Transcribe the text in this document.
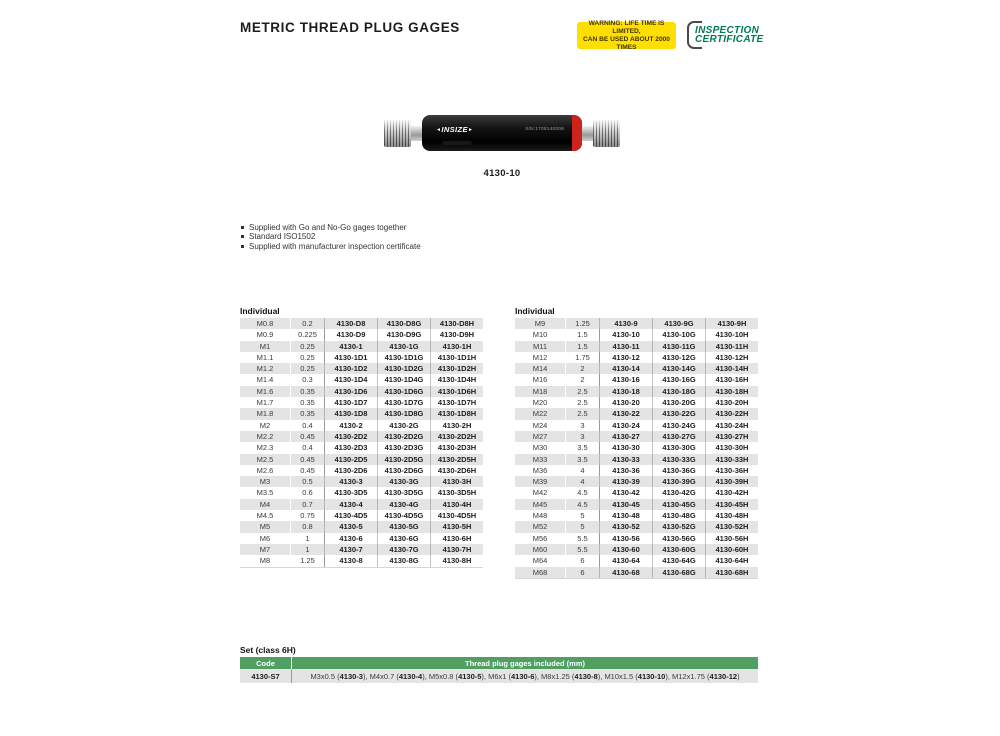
METRIC THREAD PLUG GAGES	WARNING: LIFE TIME IS LIMITED,
CAN BE USED ABOUT 2000 TIMES
INSPECTION
CERTIFICATE
◄INSIZE►	S/N:1708140008
4130-10
Supplied with Go and No-Go gages together
Standard ISO1502
Supplied with manufacturer inspection certificate
Individual
M0.8	0.2	4130-D8	4130-D8G	4130-D8H
M0.9	0.225	4130-D9	4130-D9G	4130-D9H
M1	0.25	4130-1	4130-1G	4130-1H
M1.1	0.25	4130-1D1	4130-1D1G	4130-1D1H
M1.2	0.25	4130-1D2	4130-1D2G	4130-1D2H
M1.4	0.3	4130-1D4	4130-1D4G	4130-1D4H
M1.6	0.35	4130-1D6	4130-1D6G	4130-1D6H
M1.7	0.35	4130-1D7	4130-1D7G	4130-1D7H
M1.8	0.35	4130-1D8	4130-1D8G	4130-1D8H
M2	0.4	4130-2	4130-2G	4130-2H
M2.2	0.45	4130-2D2	4130-2D2G	4130-2D2H
M2.3	0.4	4130-2D3	4130-2D3G	4130-2D3H
M2.5	0.45	4130-2D5	4130-2D5G	4130-2D5H
M2.6	0.45	4130-2D6	4130-2D6G	4130-2D6H
M3	0.5	4130-3	4130-3G	4130-3H
M3.5	0.6	4130-3D5	4130-3D5G	4130-3D5H
M4	0.7	4130-4	4130-4G	4130-4H
M4.5	0.75	4130-4D5	4130-4D5G	4130-4D5H
M5	0.8	4130-5	4130-5G	4130-5H
M6	1	4130-6	4130-6G	4130-6H
M7	1	4130-7	4130-7G	4130-7H
M8	1.25	4130-8	4130-8G	4130-8H
Individual
M9	1.25	4130-9	4130-9G	4130-9H
M10	1.5	4130-10	4130-10G	4130-10H
M11	1.5	4130-11	4130-11G	4130-11H
M12	1.75	4130-12	4130-12G	4130-12H
M14	2	4130-14	4130-14G	4130-14H
M16	2	4130-16	4130-16G	4130-16H
M18	2.5	4130-18	4130-18G	4130-18H
M20	2.5	4130-20	4130-20G	4130-20H
M22	2.5	4130-22	4130-22G	4130-22H
M24	3	4130-24	4130-24G	4130-24H
M27	3	4130-27	4130-27G	4130-27H
M30	3.5	4130-30	4130-30G	4130-30H
M33	3.5	4130-33	4130-33G	4130-33H
M36	4	4130-36	4130-36G	4130-36H
M39	4	4130-39	4130-39G	4130-39H
M42	4.5	4130-42	4130-42G	4130-42H
M45	4.5	4130-45	4130-45G	4130-45H
M48	5	4130-48	4130-48G	4130-48H
M52	5	4130-52	4130-52G	4130-52H
M56	5.5	4130-56	4130-56G	4130-56H
M60	5.5	4130-60	4130-60G	4130-60H
M64	6	4130-64	4130-64G	4130-64H
M68	6	4130-68	4130-68G	4130-68H
Set (class 6H)
Code	Thread plug gages included (mm)
4130-S7	M3x0.5 (4130-3), M4x0.7 (4130-4), M5x0.8 (4130-5), M6x1 (4130-6), M8x1.25 (4130-8), M10x1.5 (4130-10), M12x1.75 (4130-12)
